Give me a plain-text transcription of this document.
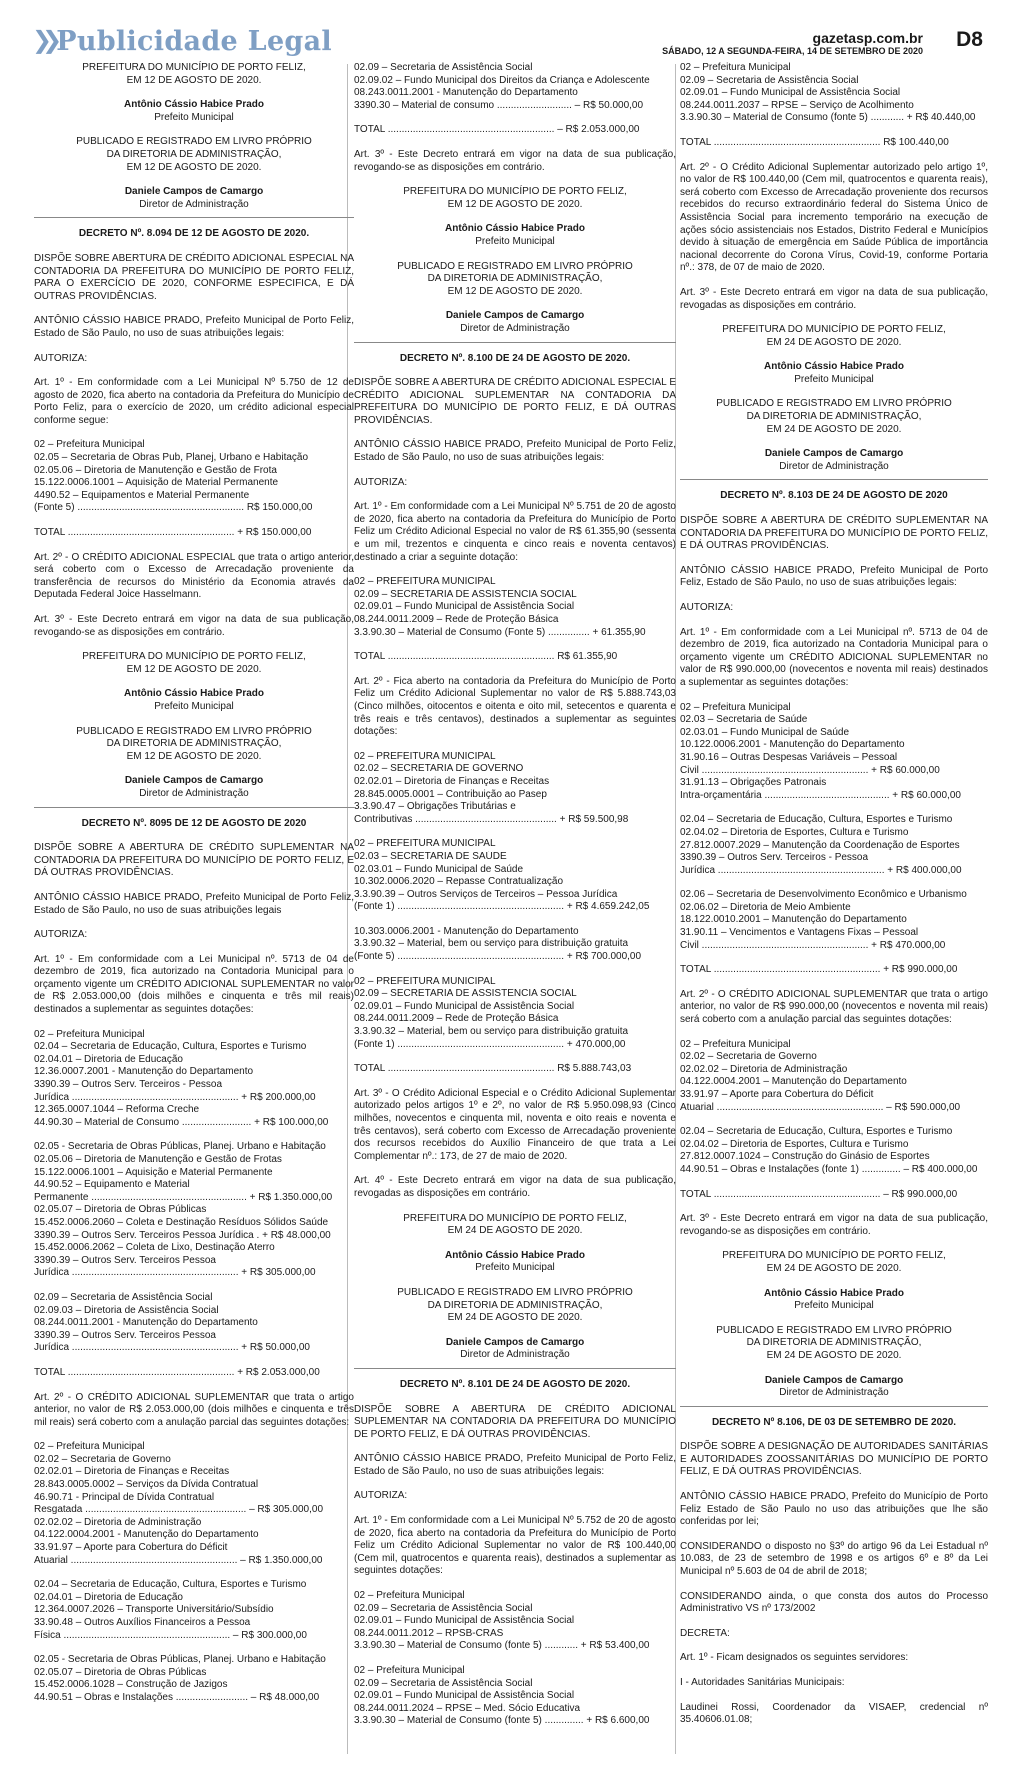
❯❯ Publicidade Legal	gazetasp.com.br
SÁBADO, 12 A SEGUNDA-FEIRA, 14 DE SETEMBRO DE 2020 D8

PREFEITURA DO MUNICÍPIO DE PORTO FELIZ,

EM 12 DE AGOSTO DE 2020.

Antônio Cássio Habice Prado

Prefeito Municipal

PUBLICADO E REGISTRADO EM LIVRO PRÓPRIO

DA DIRETORIA DE ADMINISTRAÇÃO,

EM 12 DE AGOSTO DE 2020.

Daniele Campos de Camargo

Diretor de Administração

DECRETO Nº. 8.094 DE 12 DE AGOSTO DE 2020.

DISPÕE SOBRE ABERTURA DE CRÉDITO ADICIONAL ESPECIAL NA CONTADORIA DA PREFEITURA DO MUNICÍPIO DE PORTO FELIZ, PARA O EXERCÍCIO DE 2020, CONFORME ESPECIFICA, E DÁ OUTRAS PROVIDÊNCIAS.

ANTÔNIO CÁSSIO HABICE PRADO, Prefeito Municipal de Porto Feliz, Estado de São Paulo, no uso de suas atribuições legais:

AUTORIZA:

Art. 1º - Em conformidade com a Lei Municipal Nº 5.750 de 12 de agosto de 2020, fica aberto na contadoria da Prefeitura do Município de Porto Feliz, para o exercício de 2020, um crédito adicional especial conforme segue:

02 – Prefeitura Municipal

02.05 – Secretaria de Obras Pub, Planej, Urbano e Habitação

02.05.06 – Diretoria de Manutenção e Gestão de Frota

15.122.0006.1001 – Aquisição de Material Permanente

4490.52 – Equipamentos e Material Permanente

(Fonte 5) ............................................................ R$ 150.000,00

TOTAL ............................................................ + R$ 150.000,00

Art. 2º - O CRÉDITO ADICIONAL ESPECIAL que trata o artigo anterior, será coberto com o Excesso de Arrecadação proveniente da transferência de recursos do Ministério da Economia através da Deputada Federal Joice Hasselmann.

Art. 3º - Este Decreto entrará em vigor na data de sua publicação, revogando-se as disposições em contrário.

PREFEITURA DO MUNICÍPIO DE PORTO FELIZ,

EM 12 DE AGOSTO DE 2020.

Antônio Cássio Habice Prado

Prefeito Municipal

PUBLICADO E REGISTRADO EM LIVRO PRÓPRIO

DA DIRETORIA DE ADMINISTRAÇÃO,

EM 12 DE AGOSTO DE 2020.

Daniele Campos de Camargo

Diretor de Administração

DECRETO Nº. 8095 DE 12 DE AGOSTO DE 2020

DISPÕE SOBRE A ABERTURA DE CRÉDITO SUPLEMENTAR NA CONTADORIA DA PREFEITURA DO MUNICÍPIO DE PORTO FELIZ, E DÁ OUTRAS PROVIDÊNCIAS.

ANTÔNIO CÁSSIO HABICE PRADO, Prefeito Municipal de Porto Feliz, Estado de São Paulo, no uso de suas atribuições legais

AUTORIZA:

Art. 1º - Em conformidade com a Lei Municipal nº. 5713 de 04 de dezembro de 2019, fica autorizado na Contadoria Municipal para o orçamento vigente um CRÉDITO ADICIONAL SUPLEMENTAR no valor de R$ 2.053.000,00 (dois milhões e cinquenta e três mil reais) destinados a suplementar as seguintes dotações:

02 – Prefeitura Municipal

02.04 – Secretaria de Educação, Cultura, Esportes e Turismo

02.04.01 – Diretoria de Educação

12.36.0007.2001 - Manutenção do Departamento

3390.39 – Outros Serv. Terceiros - Pessoa

Jurídica ............................................................ + R$ 200.000,00

12.365.0007.1044 – Reforma Creche

44.90.30 – Material de Consumo ......................... + R$ 100.000,00

02.05 - Secretaria de Obras Públicas, Planej. Urbano e Habitação

02.05.06 – Diretoria de Manutenção e Gestão de Frotas

15.122.0006.1001 – Aquisição e Material Permanente

44.90.52 – Equipamento e Material

Permanente ........................................................ + R$ 1.350.000,00

02.05.07 – Diretoria de Obras Públicas

15.452.0006.2060 – Coleta e Destinação Resíduos Sólidos Saúde

3390.39 – Outros Serv. Terceiros Pessoa Jurídica . + R$ 48.000,00

15.452.0006.2062 – Coleta de Lixo, Destinação Aterro

3390.39 – Outros Serv. Terceiros Pessoa

Jurídica ............................................................ + R$ 305.000,00

02.09 – Secretaria de Assistência Social

02.09.03 – Diretoria de Assistência Social

08.244.0011.2001 - Manutenção do Departamento

3390.39 – Outros Serv. Terceiros Pessoa

Jurídica ............................................................ + R$ 50.000,00

TOTAL ............................................................ + R$ 2.053.000,00

Art. 2º - O CRÉDITO ADICIONAL SUPLEMENTAR que trata o artigo anterior, no valor de R$ 2.053.000,00 (dois milhões e cinquenta e três mil reais) será coberto com a anulação parcial das seguintes dotações:

02 – Prefeitura Municipal

02.02 – Secretaria de Governo

02.02.01 – Diretoria de Finanças e Receitas

28.843.0005.0002 – Serviços da Dívida Contratual

46.90.71 - Principal de Dívida Contratual

Resgatada .......................................................... – R$ 305.000,00

02.02.02 – Diretoria de Administração

04.122.0004.2001 - Manutenção do Departamento

33.91.97 – Aporte para Cobertura do Déficit

Atuarial ............................................................ – R$ 1.350.000,00

02.04 – Secretaria de Educação, Cultura, Esportes e Turismo

02.04.01 – Diretoria de Educação

12.364.0007.2026 – Transporte Universitário/Subsídio

33.90.48 – Outros Auxílios Financeiros a Pessoa

Física ............................................................ – R$ 300.000,00

02.05 - Secretaria de Obras Públicas, Planej. Urbano e Habitação

02.05.07 – Diretoria de Obras Públicas

15.452.0006.1028 – Construção de Jazigos

44.90.51 – Obras e Instalações .......................... – R$ 48.000,00

02.09 – Secretaria de Assistência Social

02.09.02 – Fundo Municipal dos Direitos da Criança e Adolescente

08.243.0011.2001 - Manutenção do Departamento

3390.30 – Material de consumo ........................... – R$ 50.000,00

TOTAL ............................................................ – R$ 2.053.000,00

Art. 3º - Este Decreto entrará em vigor na data de sua publicação, revogando-se as disposições em contrário.

PREFEITURA DO MUNICÍPIO DE PORTO FELIZ,

EM 12 DE AGOSTO DE 2020.

Antônio Cássio Habice Prado

Prefeito Municipal

PUBLICADO E REGISTRADO EM LIVRO PRÓPRIO

DA DIRETORIA DE ADMINISTRAÇÃO,

EM 12 DE AGOSTO DE 2020.

Daniele Campos de Camargo

Diretor de Administração

DECRETO Nº. 8.100 DE 24 DE AGOSTO DE 2020.

DISPÕE SOBRE A ABERTURA DE CRÉDITO ADICIONAL ESPECIAL E CRÉDITO ADICIONAL SUPLEMENTAR NA CONTADORIA DA PREFEITURA DO MUNICÍPIO DE PORTO FELIZ, E DÁ OUTRAS PROVIDÊNCIAS.

ANTÔNIO CÁSSIO HABICE PRADO, Prefeito Municipal de Porto Feliz, Estado de São Paulo, no uso de suas atribuições legais:

AUTORIZA:

Art. 1º - Em conformidade com a Lei Municipal Nº 5.751 de 20 de agosto de 2020, fica aberto na contadoria da Prefeitura do Município de Porto Feliz um Crédito Adicional Especial no valor de R$ 61.355,90 (sessenta e um mil, trezentos e cinquenta e cinco reais e noventa centavos) destinado a criar a seguinte dotação:

02 – PREFEITURA MUNICIPAL

02.09 – SECRETARIA DE ASSISTENCIA SOCIAL

02.09.01 – Fundo Municipal de Assistência Social

08.244.0011.2009 – Rede de Proteção Básica

3.3.90.30 – Material de Consumo (Fonte 5) ............... + 61.355,90

TOTAL ............................................................ R$ 61.355,90

Art. 2º - Fica aberto na contadoria da Prefeitura do Município de Porto Feliz um Crédito Adicional Suplementar no valor de R$ 5.888.743,03 (Cinco milhões, oitocentos e oitenta e oito mil, setecentos e quarenta e três reais e três centavos), destinados a suplementar as seguintes dotações:

02 – PREFEITURA MUNICIPAL

02.02 – SECRETARIA DE GOVERNO

02.02.01 – Diretoria de Finanças e Receitas

28.845.0005.0001 – Contribuição ao Pasep

3.3.90.47 – Obrigações Tributárias e

Contributivas ................................................... + R$ 59.500,98

02 – PREFEITURA MUNICIPAL

02.03 – SECRETARIA DE SAÚDE

02.03.01 – Fundo Municipal de Saúde

10.302.0006.2020 – Repasse Contratualização

3.3.90.39 – Outros Serviços de Terceiros – Pessoa Jurídica

(Fonte 1) ............................................................ + R$ 4.659.242,05

10.303.0006.2001 - Manutenção do Departamento

3.3.90.32 – Material, bem ou serviço para distribuição gratuita

(Fonte 5) ............................................................ + R$ 700.000,00

02 – PREFEITURA MUNICIPAL

02.09 – SECRETARIA DE ASSISTENCIA SOCIAL

02.09.01 – Fundo Municipal de Assistência Social

08.244.0011.2009 – Rede de Proteção Básica

3.3.90.32 – Material, bem ou serviço para distribuição gratuita

(Fonte 1) ............................................................ + 470.000,00

TOTAL ............................................................ R$ 5.888.743,03

Art. 3º - O Crédito Adicional Especial e o Crédito Adicional Suplementar autorizado pelos artigos 1º e 2º, no valor de R$ 5.950.098,93 (Cinco milhões, novecentos e cinquenta mil, noventa e oito reais e noventa e três centavos), será coberto com Excesso de Arrecadação proveniente dos recursos recebidos do Auxílio Financeiro de que trata a Lei Complementar nº.: 173, de 27 de maio de 2020.

Art. 4º - Este Decreto entrará em vigor na data de sua publicação, revogadas as disposições em contrário.

PREFEITURA DO MUNICÍPIO DE PORTO FELIZ,

EM 24 DE AGOSTO DE 2020.

Antônio Cássio Habice Prado

Prefeito Municipal

PUBLICADO E REGISTRADO EM LIVRO PRÓPRIO

DA DIRETORIA DE ADMINISTRAÇÃO,

EM 24 DE AGOSTO DE 2020.

Daniele Campos de Camargo

Diretor de Administração

DECRETO Nº. 8.101 DE 24 DE AGOSTO DE 2020.

DISPÕE SOBRE A ABERTURA DE CRÉDITO ADICIONAL SUPLEMENTAR NA CONTADORIA DA PREFEITURA DO MUNICÍPIO DE PORTO FELIZ, E DÁ OUTRAS PROVIDÊNCIAS.

ANTÔNIO CÁSSIO HABICE PRADO, Prefeito Municipal de Porto Feliz, Estado de São Paulo, no uso de suas atribuições legais:

AUTORIZA:

Art. 1º - Em conformidade com a Lei Municipal Nº 5.752 de 20 de agosto de 2020, fica aberto na contadoria da Prefeitura do Município de Porto Feliz um Crédito Adicional Suplementar no valor de R$ 100.440,00 (Cem mil, quatrocentos e quarenta reais), destinados a suplementar as seguintes dotações:

02 – Prefeitura Municipal

02.09 – Secretaria de Assistência Social

02.09.01 – Fundo Municipal de Assistência Social

08.244.0011.2012 – RPSB-CRAS

3.3.90.30 – Material de Consumo (fonte 5) ............ + R$ 53.400,00

02 – Prefeitura Municipal

02.09 – Secretaria de Assistência Social

02.09.01 – Fundo Municipal de Assistência Social

08.244.0011.2024 – RPSE – Med. Sócio Educativa

3.3.90.30 – Material de Consumo (fonte 5) .............. + R$ 6.600,00

02 – Prefeitura Municipal

02.09 – Secretaria de Assistência Social

02.09.01 – Fundo Municipal de Assistência Social

08.244.0011.2037 – RPSE – Serviço de Acolhimento

3.3.90.30 – Material de Consumo (fonte 5) ............ + R$ 40.440,00

TOTAL ............................................................ R$ 100.440,00

Art. 2º - O Crédito Adicional Suplementar autorizado pelo artigo 1º, no valor de R$ 100.440,00 (Cem mil, quatrocentos e quarenta reais), será coberto com Excesso de Arrecadação proveniente dos recursos recebidos do recurso extraordinário federal do Sistema Único de Assistência Social para incremento temporário na execução de ações sócio assistenciais nos Estados, Distrito Federal e Municípios devido à situação de emergência em Saúde Pública de importância nacional decorrente do Corona Vírus, Covid-19, conforme Portaria nº.: 378, de 07 de maio de 2020.

Art. 3º - Este Decreto entrará em vigor na data de sua publicação, revogadas as disposições em contrário.

PREFEITURA DO MUNICÍPIO DE PORTO FELIZ,

EM 24 DE AGOSTO DE 2020.

Antônio Cássio Habice Prado

Prefeito Municipal

PUBLICADO E REGISTRADO EM LIVRO PRÓPRIO

DA DIRETORIA DE ADMINISTRAÇÃO,

EM 24 DE AGOSTO DE 2020.

Daniele Campos de Camargo

Diretor de Administração

DECRETO Nº. 8.103 DE 24 DE AGOSTO DE 2020

DISPÕE SOBRE A ABERTURA DE CRÉDITO SUPLEMENTAR NA CONTADORIA DA PREFEITURA DO MUNICÍPIO DE PORTO FELIZ, E DÁ OUTRAS PROVIDÊNCIAS.

ANTÔNIO CÁSSIO HABICE PRADO, Prefeito Municipal de Porto Feliz, Estado de São Paulo, no uso de suas atribuições legais:

AUTORIZA:

Art. 1º - Em conformidade com a Lei Municipal nº. 5713 de 04 de dezembro de 2019, fica autorizado na Contadoria Municipal para o orçamento vigente um CRÉDITO ADICIONAL SUPLEMENTAR no valor de R$ 990.000,00 (novecentos e noventa mil reais) destinados a suplementar as seguintes dotações:

02 – Prefeitura Municipal

02.03 – Secretaria de Saúde

02.03.01 – Fundo Municipal de Saúde

10.122.0006.2001 - Manutenção do Departamento

31.90.16 – Outras Despesas Variáveis – Pessoal

Civil ............................................................ + R$ 60.000,00

31.91.13 – Obrigações Patronais

Intra-orçamentária ............................................. + R$ 60.000,00

02.04 – Secretaria de Educação, Cultura, Esportes e Turismo

02.04.02 – Diretoria de Esportes, Cultura e Turismo

27.812.0007.2029 – Manutenção da Coordenação de Esportes

3390.39 – Outros Serv. Terceiros - Pessoa

Jurídica ............................................................ + R$ 400.000,00

02.06 – Secretaria de Desenvolvimento Econômico e Urbanismo

02.06.02 – Diretoria de Meio Ambiente

18.122.0010.2001 – Manutenção do Departamento

31.90.11 – Vencimentos e Vantagens Fixas – Pessoal

Civil ............................................................ + R$ 470.000,00

TOTAL ............................................................ + R$ 990.000,00

Art. 2º - O CRÉDITO ADICIONAL SUPLEMENTAR que trata o artigo anterior, no valor de R$ 990.000,00 (novecentos e noventa mil reais) será coberto com a anulação parcial das seguintes dotações:

02 – Prefeitura Municipal

02.02 – Secretaria de Governo

02.02.02 – Diretoria de Administração

04.122.0004.2001 – Manutenção do Departamento

33.91.97 – Aporte para Cobertura do Déficit

Atuarial ............................................................ – R$ 590.000,00

02.04 – Secretaria de Educação, Cultura, Esportes e Turismo

02.04.02 – Diretoria de Esportes, Cultura e Turismo

27.812.0007.1024 – Construção do Ginásio de Esportes

44.90.51 – Obras e Instalações (fonte 1) .............. – R$ 400.000,00

TOTAL ............................................................ – R$ 990.000,00

Art. 3º - Este Decreto entrará em vigor na data de sua publicação, revogando-se as disposições em contrário.

PREFEITURA DO MUNICÍPIO DE PORTO FELIZ,

EM 24 DE AGOSTO DE 2020.

Antônio Cássio Habice Prado

Prefeito Municipal

PUBLICADO E REGISTRADO EM LIVRO PRÓPRIO

DA DIRETORIA DE ADMINISTRAÇÃO,

EM 24 DE AGOSTO DE 2020.

Daniele Campos de Camargo

Diretor de Administração

DECRETO Nº 8.106, DE 03 DE SETEMBRO DE 2020.

DISPÕE SOBRE A DESIGNAÇÃO DE AUTORIDADES SANITÁRIAS E AUTORIDADES ZOOSSANITÁRIAS DO MUNICÍPIO DE PORTO FELIZ, E DÁ OUTRAS PROVIDÊNCIAS.

ANTÔNIO CÁSSIO HABICE PRADO, Prefeito do Município de Porto Feliz Estado de São Paulo no uso das atribuições que lhe são conferidas por lei;

CONSIDERANDO o disposto no §3º do artigo 96 da Lei Estadual nº 10.083, de 23 de setembro de 1998 e os artigos 6º e 8º da Lei Municipal nº 5.603 de 04 de abril de 2018;

CONSIDERANDO ainda, o que consta dos autos do Processo Administrativo VS nº 173/2002

DECRETA:

Art. 1º - Ficam designados os seguintes servidores:

I - Autoridades Sanitárias Municipais:

Laudinei Rossi, Coordenador da VISAEP, credencial nº 35.40606.01.08;
